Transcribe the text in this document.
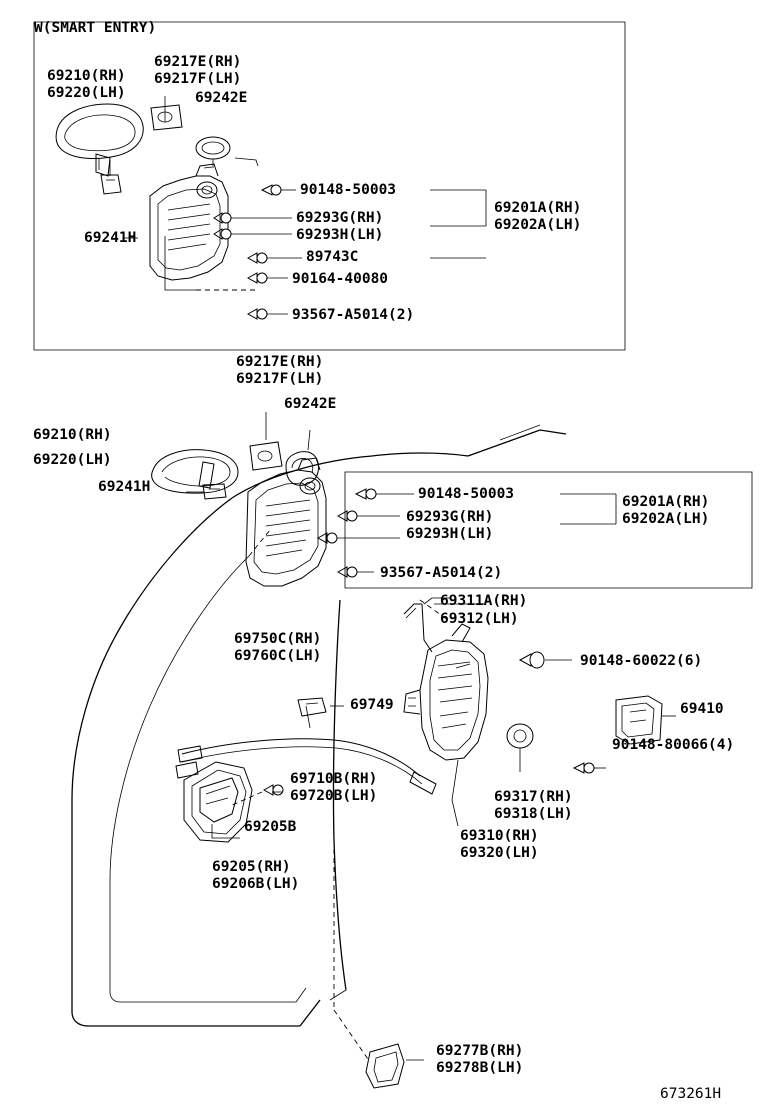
W(SMART ENTRY)
69217E(RH)
69217F(LH)
69210(RH)
69220(LH)	69242E
69241H
90148-50003
69293G(RH)
69293H(LH)
89743C
90164-40080
93567-A5014(2)
69201A(RH)
69202A(LH)
69217E(RH)
69217F(LH)
69242E
69210(RH)
69220(LH)
69241H	90148-50003
69293G(RH)
69293H(LH)
93567-A5014(2)
69201A(RH)
69202A(LH)
69311A(RH)
69312(LH)
69750C(RH)
69760C(LH)	90148-60022(6)
69749	69410
90148-80066(4)
69710B(RH)
69720B(LH)	69317(RH)
69318(LH)
69205B
69205(RH)
69206B(LH)
69310(RH)
69320(LH)
69277B(RH)
69278B(LH)
673261H
